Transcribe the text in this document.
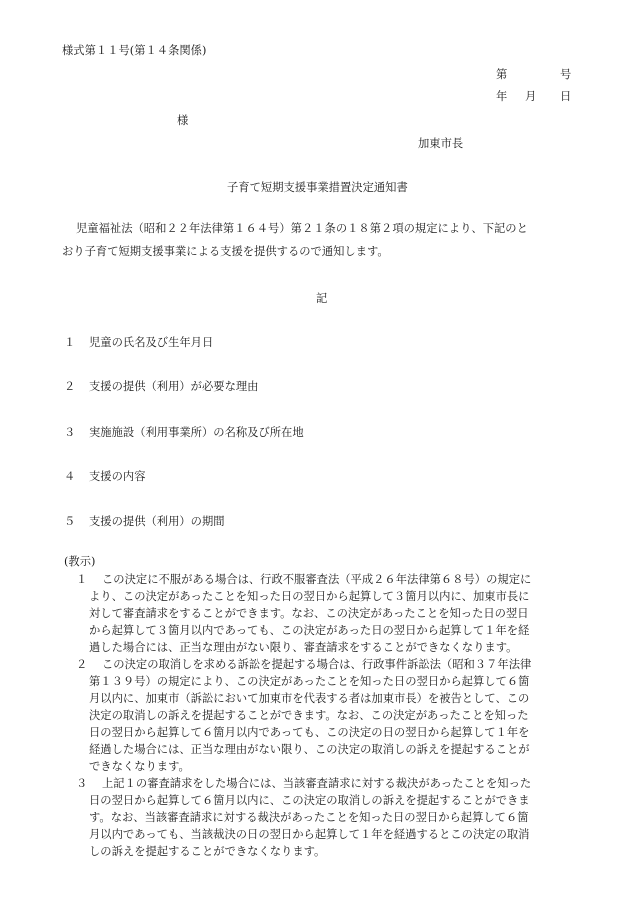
様式第１１号(第１４条関係)
第	号
年 月 日
様
加東市長
子育て短期支援事業措置決定通知書
児童福祉法（昭和２２年法律第１６４号）第２１条の１８第２項の規定により、下記のと
おり子育て短期支援事業による支援を提供するので通知します。
記
１ 児童の氏名及び生年月日
２ 支援の提供（利用）が必要な理由
３ 実施施設（利用事業所）の名称及び所在地
４ 支援の内容
５ 支援の提供（利用）の期間
(教示)
１ この決定に不服がある場合は、行政不服審査法（平成２６年法律第６８号）の規定に
より、この決定があったことを知った日の翌日から起算して３箇月以内に、加東市長に
対して審査請求をすることができます。なお、この決定があったことを知った日の翌日
から起算して３箇月以内であっても、この決定があった日の翌日から起算して１年を経
過した場合には、正当な理由がない限り、審査請求をすることができなくなります。
２ この決定の取消しを求める訴訟を提起する場合は、行政事件訴訟法（昭和３７年法律
第１３９号）の規定により、この決定があったことを知った日の翌日から起算して６箇
月以内に、加東市（訴訟において加東市を代表する者は加東市長）を被告として、この
決定の取消しの訴えを提起することができます。なお、この決定があったことを知った
日の翌日から起算して６箇月以内であっても、この決定の日の翌日から起算して１年を
経過した場合には、正当な理由がない限り、この決定の取消しの訴えを提起することが
できなくなります。
３ 上記１の審査請求をした場合には、当該審査請求に対する裁決があったことを知った
日の翌日から起算して６箇月以内に、この決定の取消しの訴えを提起することができま
す。なお、当該審査請求に対する裁決があったことを知った日の翌日から起算して６箇
月以内であっても、当該裁決の日の翌日から起算して１年を経過するとこの決定の取消
しの訴えを提起することができなくなります。
